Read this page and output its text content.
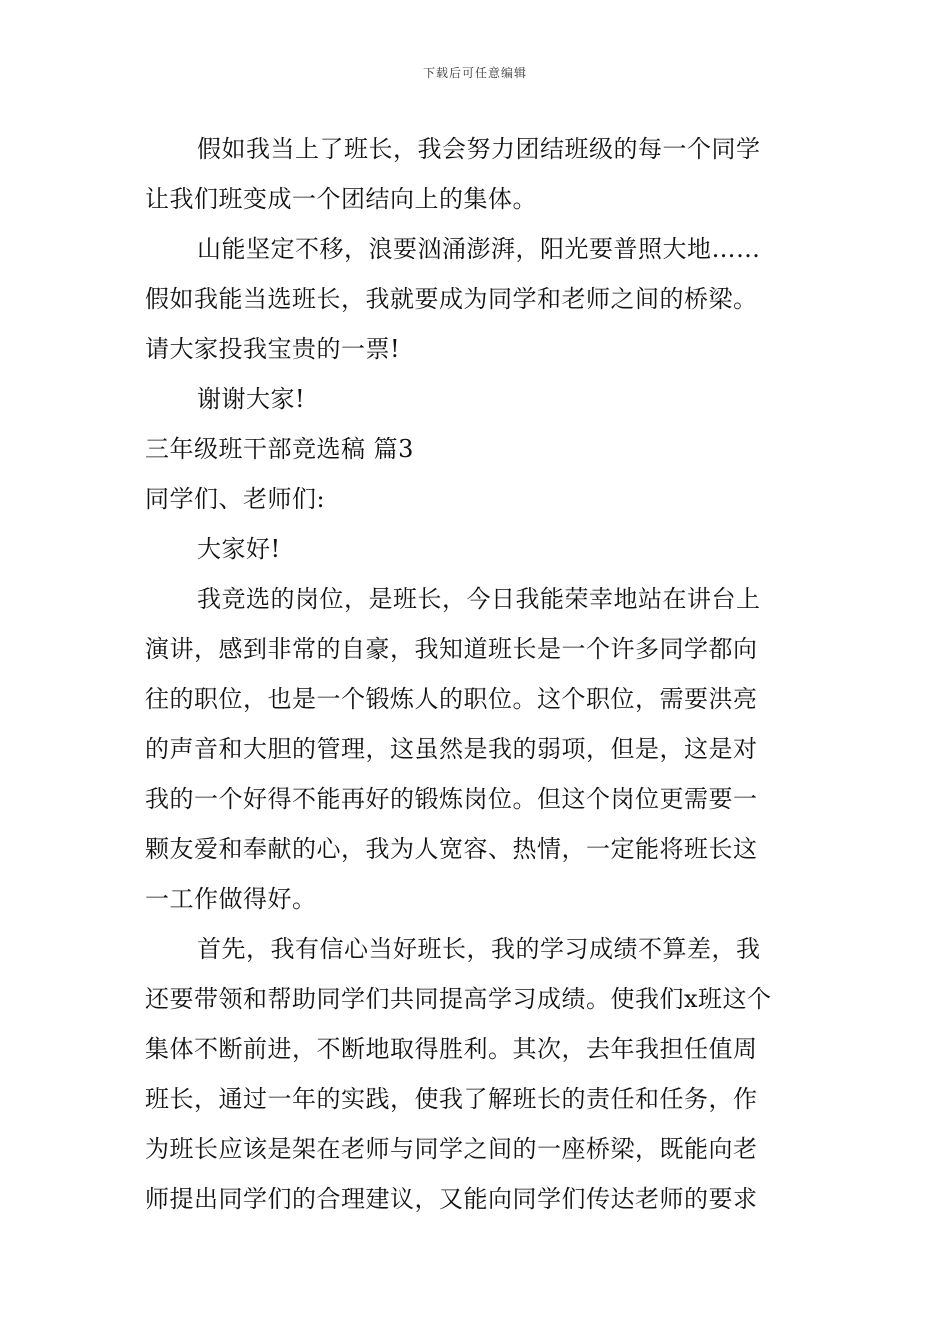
下载后可任意编辑
假如我当上了班长，我会努力团结班级的每一个同学
让我们班变成一个团结向上的集体。
山能坚定不移，浪要汹涌澎湃，阳光要普照大地……
假如我能当选班长，我就要成为同学和老师之间的桥梁。
请大家投我宝贵的一票!
谢谢大家!
三年级班干部竞选稿 篇3
同学们、老师们:
大家好!
我竞选的岗位，是班长，今日我能荣幸地站在讲台上
演讲，感到非常的自豪，我知道班长是一个许多同学都向
往的职位，也是一个锻炼人的职位。这个职位，需要洪亮
的声音和大胆的管理，这虽然是我的弱项，但是，这是对
我的一个好得不能再好的锻炼岗位。但这个岗位更需要一
颗友爱和奉献的心，我为人宽容、热情，一定能将班长这
一工作做得好。
首先，我有信心当好班长，我的学习成绩不算差，我
还要带领和帮助同学们共同提高学习成绩。使我们x班这个
集体不断前进，不断地取得胜利。其次，去年我担任值周
班长，通过一年的实践，使我了解班长的责任和任务，作
为班长应该是架在老师与同学之间的一座桥梁，既能向老
师提出同学们的合理建议，又能向同学们传达老师的要求
